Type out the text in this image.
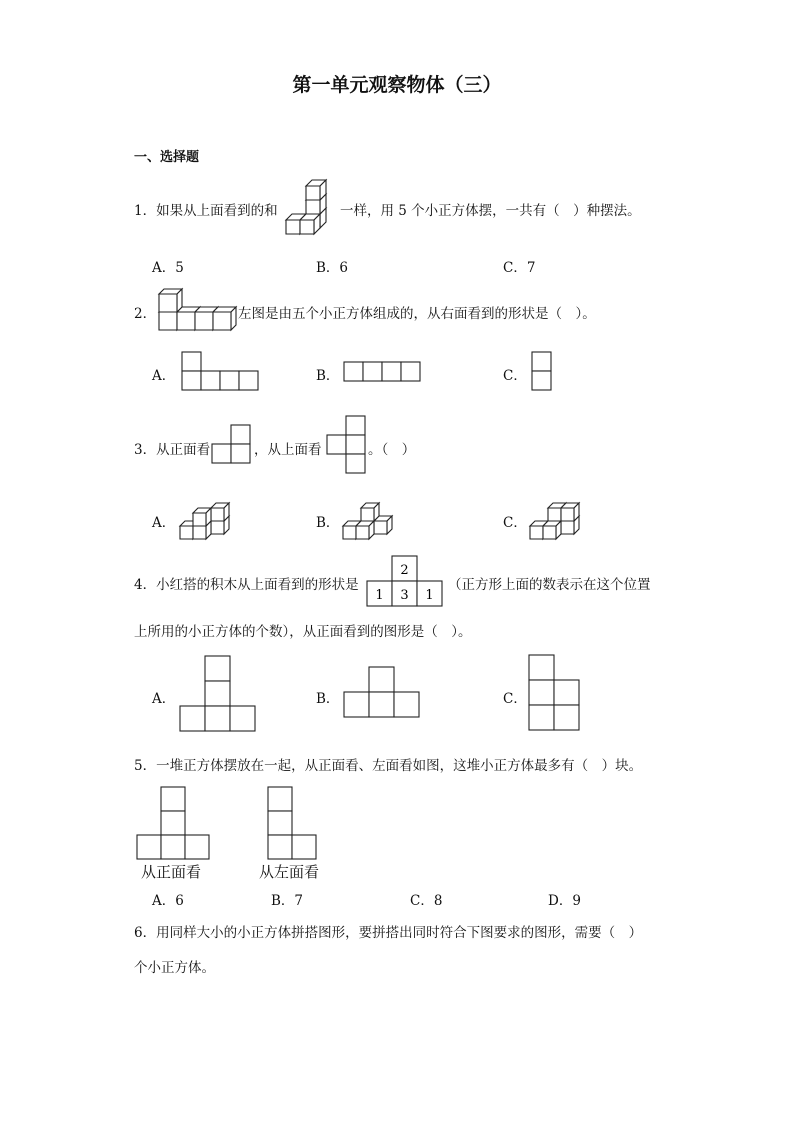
第一单元观察物体（三）
一、选择题
1．如果从上面看到的和	一样，用 5 个小正方体摆，一共有（　）种摆法。
A．5	B．6	C．7
2．	左图是由五个小正方体组成的，从右面看到的形状是（　）。
A．	B．	C．
3．从正面看	，从上面看	。（　）
A．	B．	C．
4．小红搭的积木从上面看到的形状是
2
1 3 1
（正方形上面的数表示在这个位置
上所用的小正方体的个数），从正面看到的图形是（　）。
A．	B．	C．
5．一堆正方体摆放在一起，从正面看、左面看如图，这堆小正方体最多有（　）块。
从正面看	从左面看
A．6	B．7	C．8	D．9
6．用同样大小的小正方体拼搭图形，要拼搭出同时符合下图要求的图形，需要（　）
个小正方体。
